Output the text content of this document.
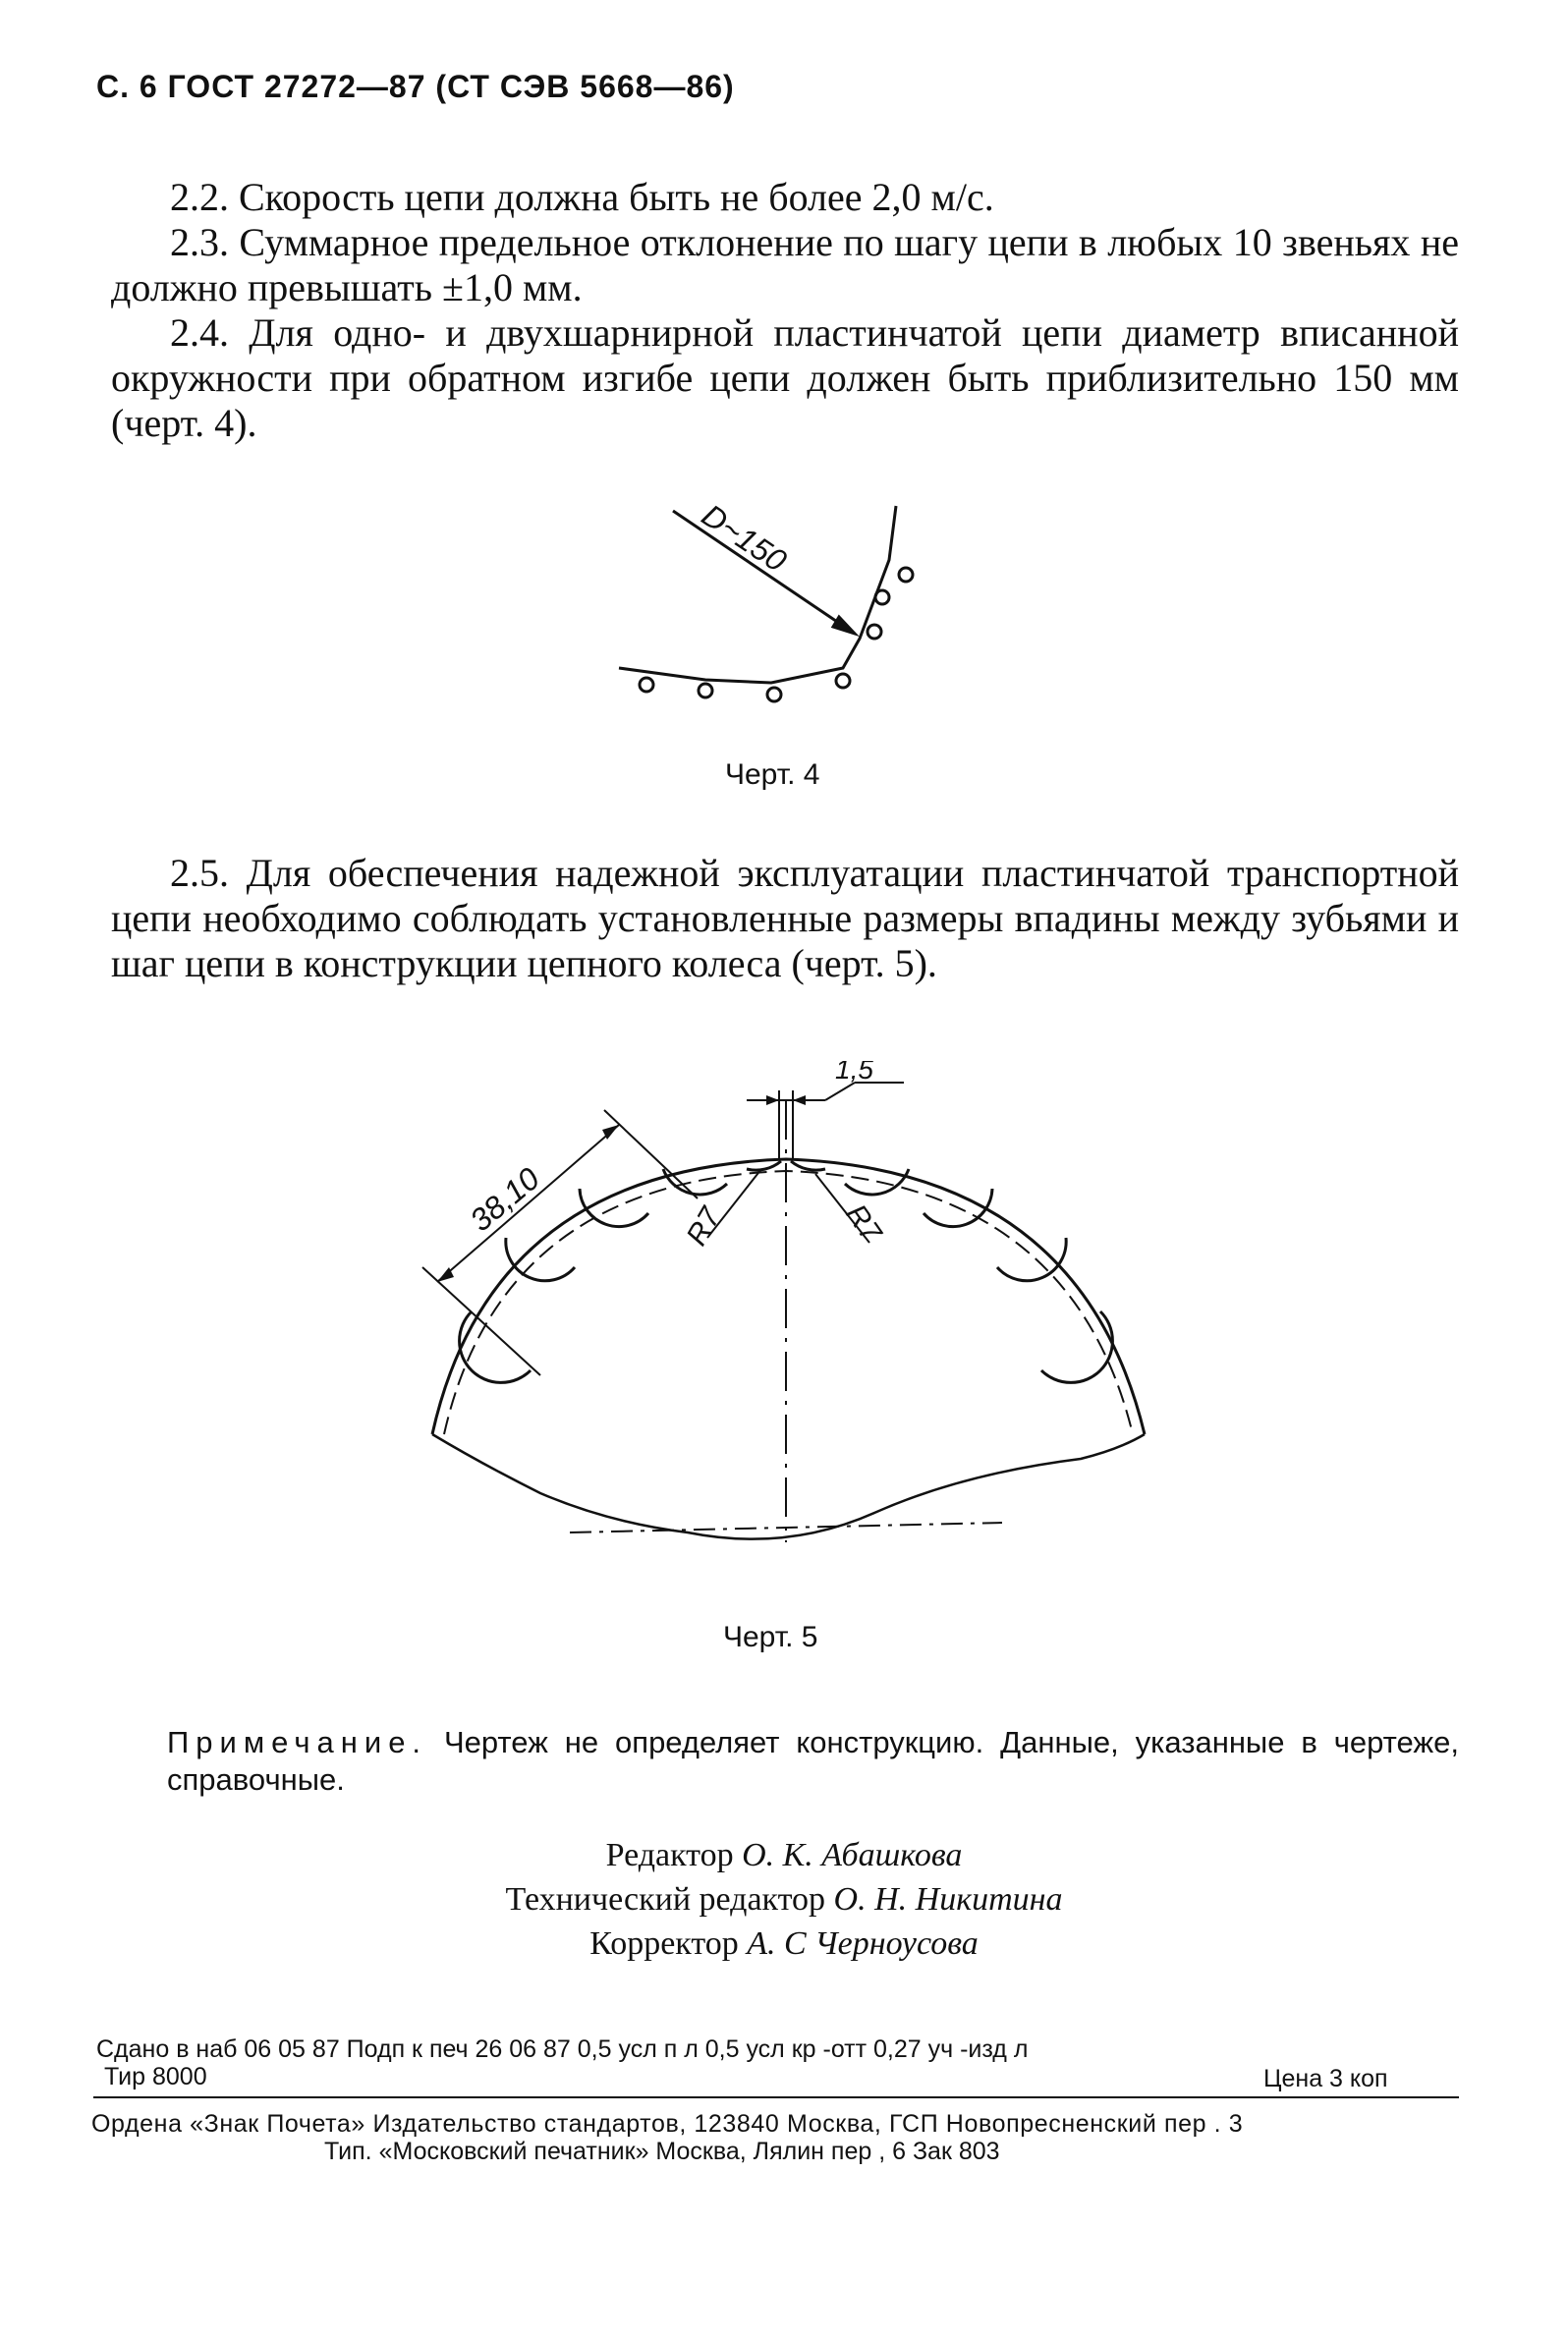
С. 6 ГОСТ 27272—87 (СТ СЭВ 5668—86)

2.2. Скорость цепи должна быть не более 2,0 м/с.

2.3. Суммарное предельное отклонение по шагу цепи в любых 10 звеньях не должно превышать ±1,0 мм.

2.4. Для одно- и двухшарнирной пластинчатой цепи диаметр вписанной окружности при обратном изгибе цепи должен быть приблизительно 150 мм (черт. 4).

D~150
Черт. 4

2.5. Для обеспечения надежной эксплуатации пластинчатой транспортной цепи необходимо соблюдать установленные размеры впадины между зубьями и шаг цепи в конструкции цепного колеса (черт. 5).

38,10
1,5
R7	R7
Черт. 5

Примечание. Чертеж не определяет конструкцию. Данные, указанные в чертеже, справочные.

Редактор О. К. Абашкова
Технический редактор О. Н. Никитина
Корректор А. С Черноусова
Сдано в наб 06 05 87 Подп к печ 26 06 87 0,5 усл п л 0,5 усл кр -отт 0,27 уч -изд л
Тир 8000	Цена 3 коп
Ордена «Знак Почета» Издательство стандартов, 123840 Москва, ГСП Новопресненский пер . 3
Тип. «Московский печатник» Москва, Лялин пер , 6 Зак 803
